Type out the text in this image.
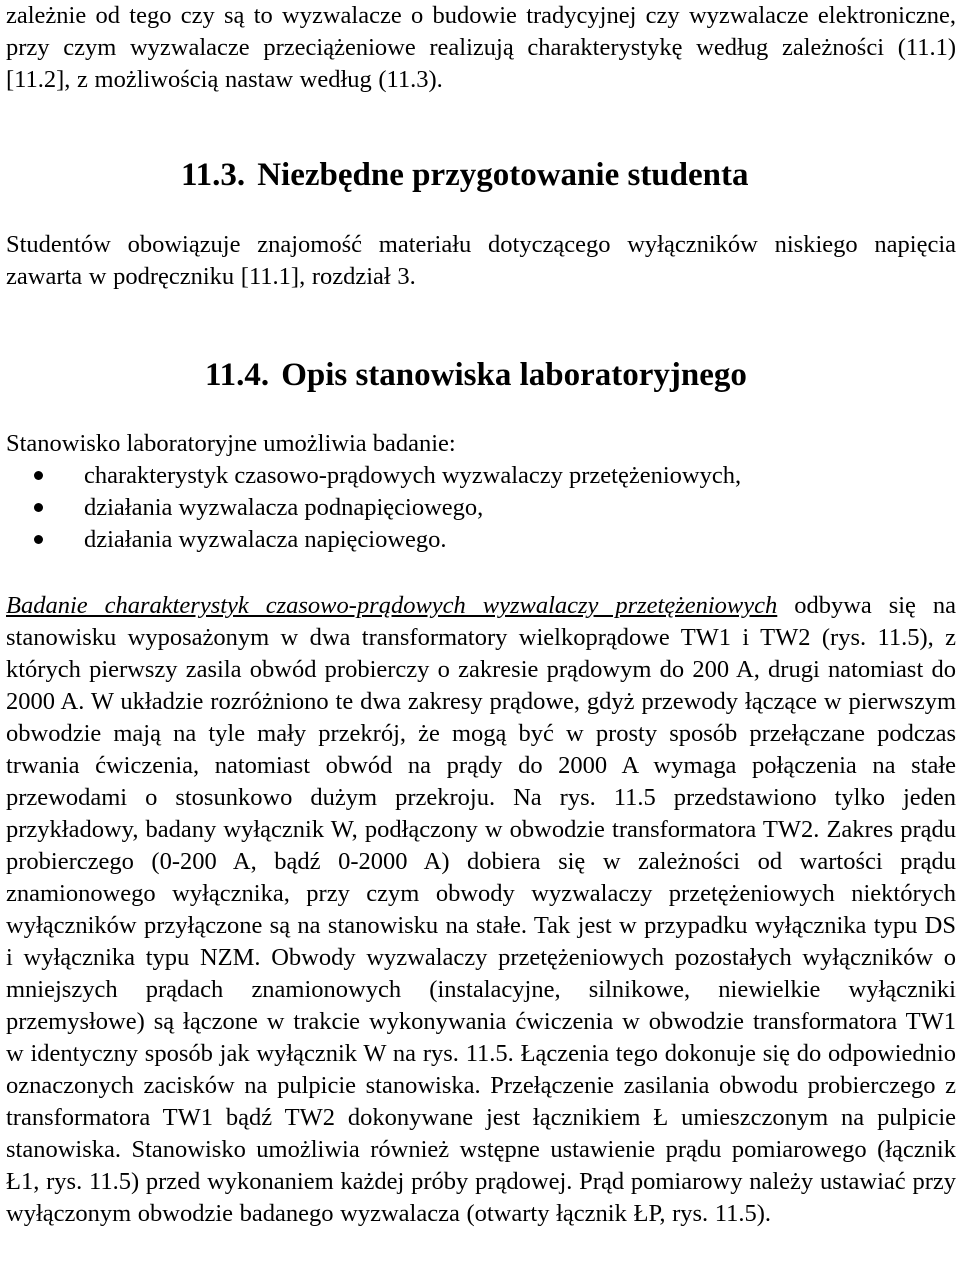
zależnie od tego czy są to wyzwalacze o budowie tradycyjnej czy wyzwalacze elektroniczne, przy czym wyzwalacze przeciążeniowe realizują charakterystykę według zależności (11.1) [11.2], z możliwością nastaw według (11.3).

11.3. Niezbędne przygotowanie studenta

Studentów obowiązuje znajomość materiału dotyczącego wyłączników niskiego napięcia zawarta w podręczniku [11.1], rozdział 3.

11.4. Opis stanowiska laboratoryjnego

Stanowisko laboratoryjne umożliwia badanie:

charakterystyk czasowo-prądowych wyzwalaczy przetężeniowych,
działania wyzwalacza podnapięciowego,
działania wyzwalacza napięciowego.

Badanie charakterystyk czasowo-prądowych wyzwalaczy przetężeniowych odbywa się na stanowisku wyposażonym w dwa transformatory wielkoprądowe TW1 i TW2 (rys. 11.5), z których pierwszy zasila obwód probierczy o zakresie prądowym do 200 A, drugi natomiast do 2000 A. W układzie rozróżniono te dwa zakresy prądowe, gdyż przewody łączące w pierwszym obwodzie mają na tyle mały przekrój, że mogą być w prosty sposób przełączane podczas trwania ćwiczenia, natomiast obwód na prądy do 2000 A wymaga połączenia na stałe przewodami o stosunkowo dużym przekroju. Na rys. 11.5 przedstawiono tylko jeden przykładowy, badany wyłącznik W, podłączony w obwodzie transformatora TW2. Zakres prądu probierczego (0-200 A, bądź 0-2000 A) dobiera się w zależności od wartości prądu znamionowego wyłącznika, przy czym obwody wyzwalaczy przetężeniowych niektórych wyłączników przyłączone są na stanowisku na stałe. Tak jest w przypadku wyłącznika typu DS i wyłącznika typu NZM. Obwody wyzwalaczy przetężeniowych pozostałych wyłączników o mniejszych prądach znamionowych (instalacyjne, silnikowe, niewielkie wyłączniki przemysłowe) są łączone w trakcie wykonywania ćwiczenia w obwodzie transformatora TW1 w identyczny sposób jak wyłącznik W na rys. 11.5. Łączenia tego dokonuje się do odpowiednio oznaczonych zacisków na pulpicie stanowiska. Przełączenie zasilania obwodu probierczego z transformatora TW1 bądź TW2 dokonywane jest łącznikiem Ł umieszczonym na pulpicie stanowiska. Stanowisko umożliwia również wstępne ustawienie prądu pomiarowego (łącznik Ł1, rys. 11.5) przed wykonaniem każdej próby prądowej. Prąd pomiarowy należy ustawiać przy wyłączonym obwodzie badanego wyzwalacza (otwarty łącznik ŁP, rys. 11.5).
